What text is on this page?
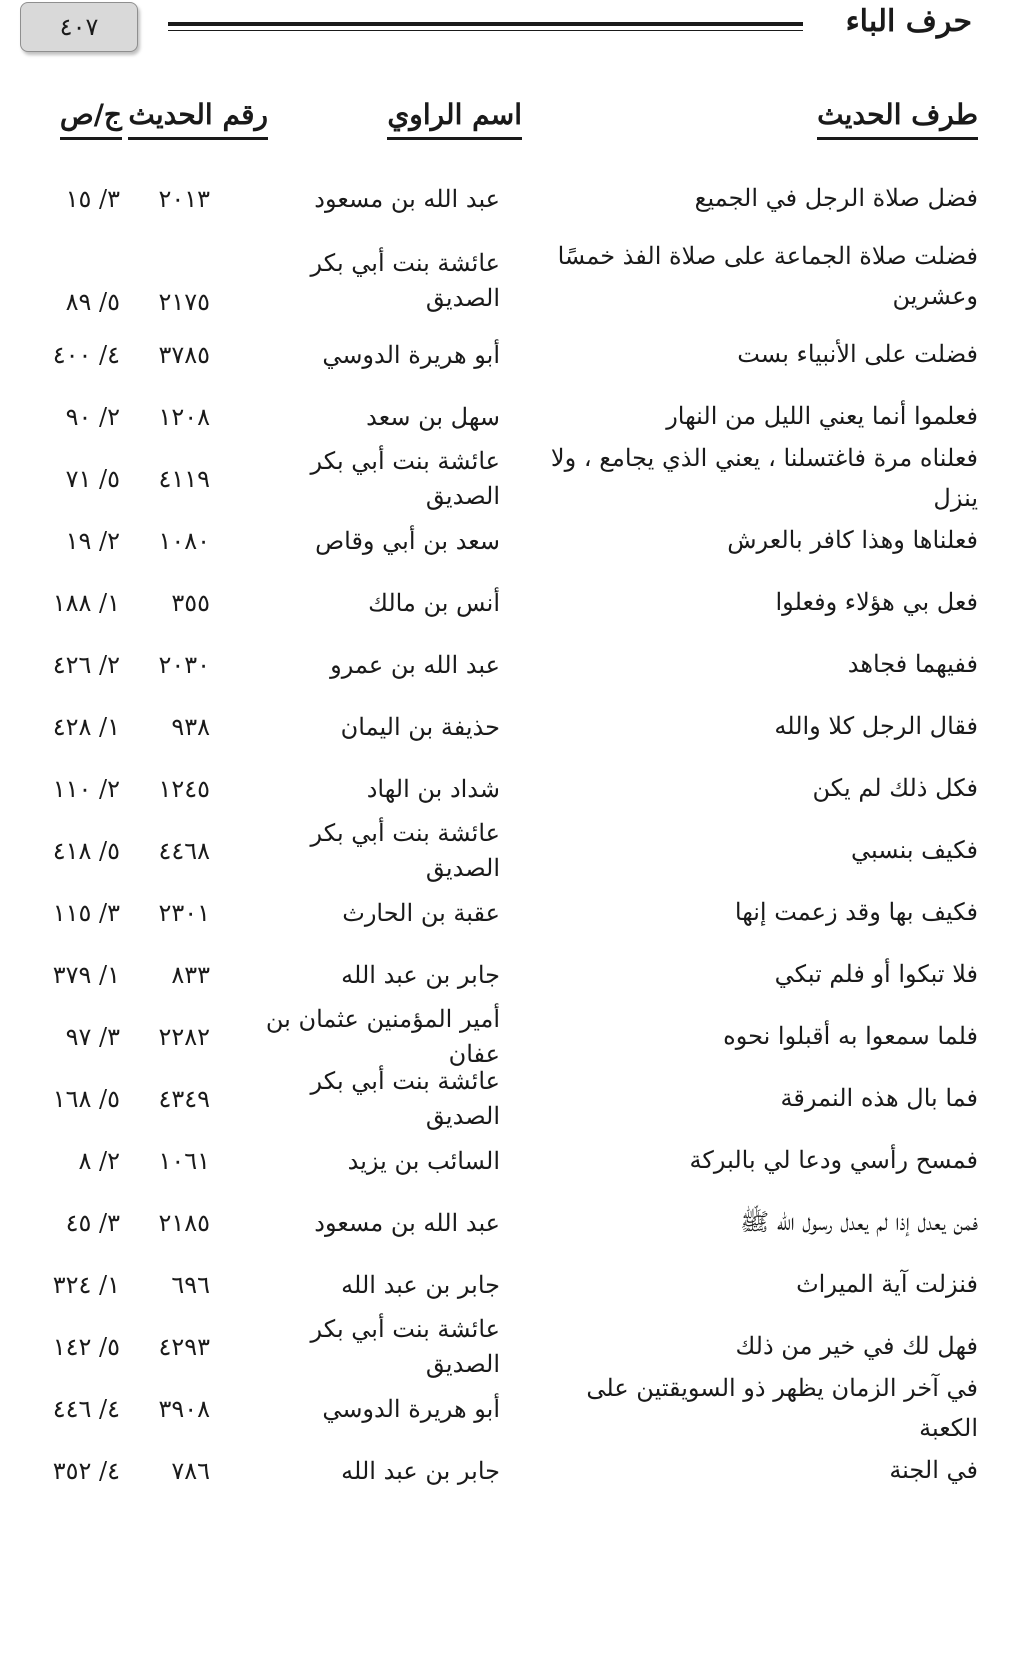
حرف الباء
٤٠٧
طرف الحديث
اسم الراوي
رقم الحديث
ج/ص
فضل صلاة الرجل في الجميع
عبد الله بن مسعود
٢٠١٣
٣/ ١٥
فضلت صلاة الجماعة على صلاة الفذ خمسًا وعشرين
عائشة بنت أبي بكر الصديق
٢١٧٥
٥/ ٨٩
فضلت على الأنبياء بست
أبو هريرة الدوسي
٣٧٨٥
٤/ ٤٠٠
فعلموا أنما يعني الليل من النهار
سهل بن سعد
١٢٠٨
٢/ ٩٠
فعلناه مرة فاغتسلنا ، يعني الذي يجامع ، ولا ينزل
عائشة بنت أبي بكر الصديق
٤١١٩
٥/ ٧١
فعلناها وهذا كافر بالعرش
سعد بن أبي وقاص
١٠٨٠
٢/ ١٩
فعل بي هؤلاء وفعلوا
أنس بن مالك
٣٥٥
١/ ١٨٨
ففيهما فجاهد
عبد الله بن عمرو
٢٠٣٠
٢/ ٤٢٦
فقال الرجل كلا والله
حذيفة بن اليمان
٩٣٨
١/ ٤٢٨
فكل ذلك لم يكن
شداد بن الهاد
١٢٤٥
٢/ ١١٠
فكيف بنسبي
عائشة بنت أبي بكر الصديق
٤٤٦٨
٥/ ٤١٨
فكيف بها وقد زعمت إنها
عقبة بن الحارث
٢٣٠١
٣/ ١١٥
فلا تبكوا أو فلم تبكي
جابر بن عبد الله
٨٣٣
١/ ٣٧٩
فلما سمعوا به أقبلوا نحوه
أمير المؤمنين عثمان بن عفان
٢٢٨٢
٣/ ٩٧
فما بال هذه النمرقة
عائشة بنت أبي بكر الصديق
٤٣٤٩
٥/ ١٦٨
فمسح رأسي ودعا لي بالبركة
السائب بن يزيد
١٠٦١
٢/ ٨
فمن يعدل إذا لم يعدل رسول الله ﷺ
عبد الله بن مسعود
٢١٨٥
٣/ ٤٥
فنزلت آية الميراث
جابر بن عبد الله
٦٩٦
١/ ٣٢٤
فهل لك في خير من ذلك
عائشة بنت أبي بكر الصديق
٤٢٩٣
٥/ ١٤٢
في آخر الزمان يظهر ذو السويقتين على الكعبة
أبو هريرة الدوسي
٣٩٠٨
٤/ ٤٤٦
في الجنة
جابر بن عبد الله
٧٨٦
٤/ ٣٥٢
